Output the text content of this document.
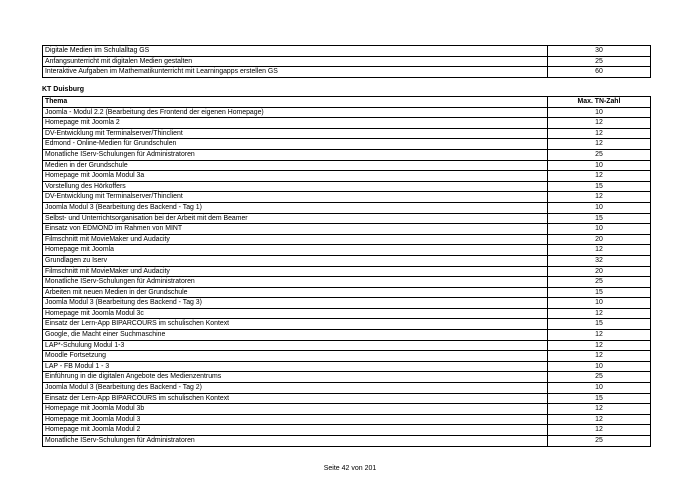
Digitale Medien im Schulalltag GS	30
Anfangsunterricht mit digitalen Medien gestalten	25
Interaktive Aufgaben im Mathematikunterricht mit Learningapps erstellen GS	60
KT Duisburg
Thema	Max. TN-Zahl
Joomla - Modul 2.2 (Bearbeitung des Frontend der eigenen Homepage)	10
Homepage mit Joomla 2	12
DV-Entwicklung mit Terminalserver/Thinclient	12
Edmond - Online-Medien für Grundschulen	12
Monatliche IServ-Schulungen für Administratoren	25
Medien in der Grundschule	10
Homepage mit Joomla Modul 3a	12
Vorstellung des Hörkoffers	15
DV-Entwicklung mit Terminalserver/Thinclient	12
Joomla Modul 3 (Bearbeitung des Backend - Tag 1)	10
Selbst- und Unterrichtsorganisation bei der Arbeit mit dem Beamer	15
Einsatz von EDMOND im Rahmen von MINT	10
Filmschnitt mit MovieMaker und Audacity	20
Homepage mit Joomla	12
Grundlagen zu Iserv	32
Filmschnitt mit MovieMaker und Audacity	20
Monatliche IServ-Schulungen für Administratoren	25
Arbeiten mit neuen Medien in der Grundschule	15
Joomla Modul 3 (Bearbeitung des Backend - Tag 3)	10
Homepage mit Joomla Modul 3c	12
Einsatz der Lern-App BIPARCOURS im schulischen Kontext	15
Google, die Macht einer Suchmaschine	12
LAP*-Schulung Modul 1-3	12
Moodle Fortsetzung	12
LAP - FB Modul 1 - 3	10
Einführung in die digitalen Angebote des Medienzentrums	25
Joomla Modul 3 (Bearbeitung des Backend - Tag 2)	10
Einsatz der Lern-App BIPARCOURS im schulischen Kontext	15
Homepage mit Joomla Modul 3b	12
Homepage mit Joomla Modul 3	12
Homepage mit Joomla Modul 2	12
Monatliche IServ-Schulungen für Administratoren	25
Seite 42 von 201
